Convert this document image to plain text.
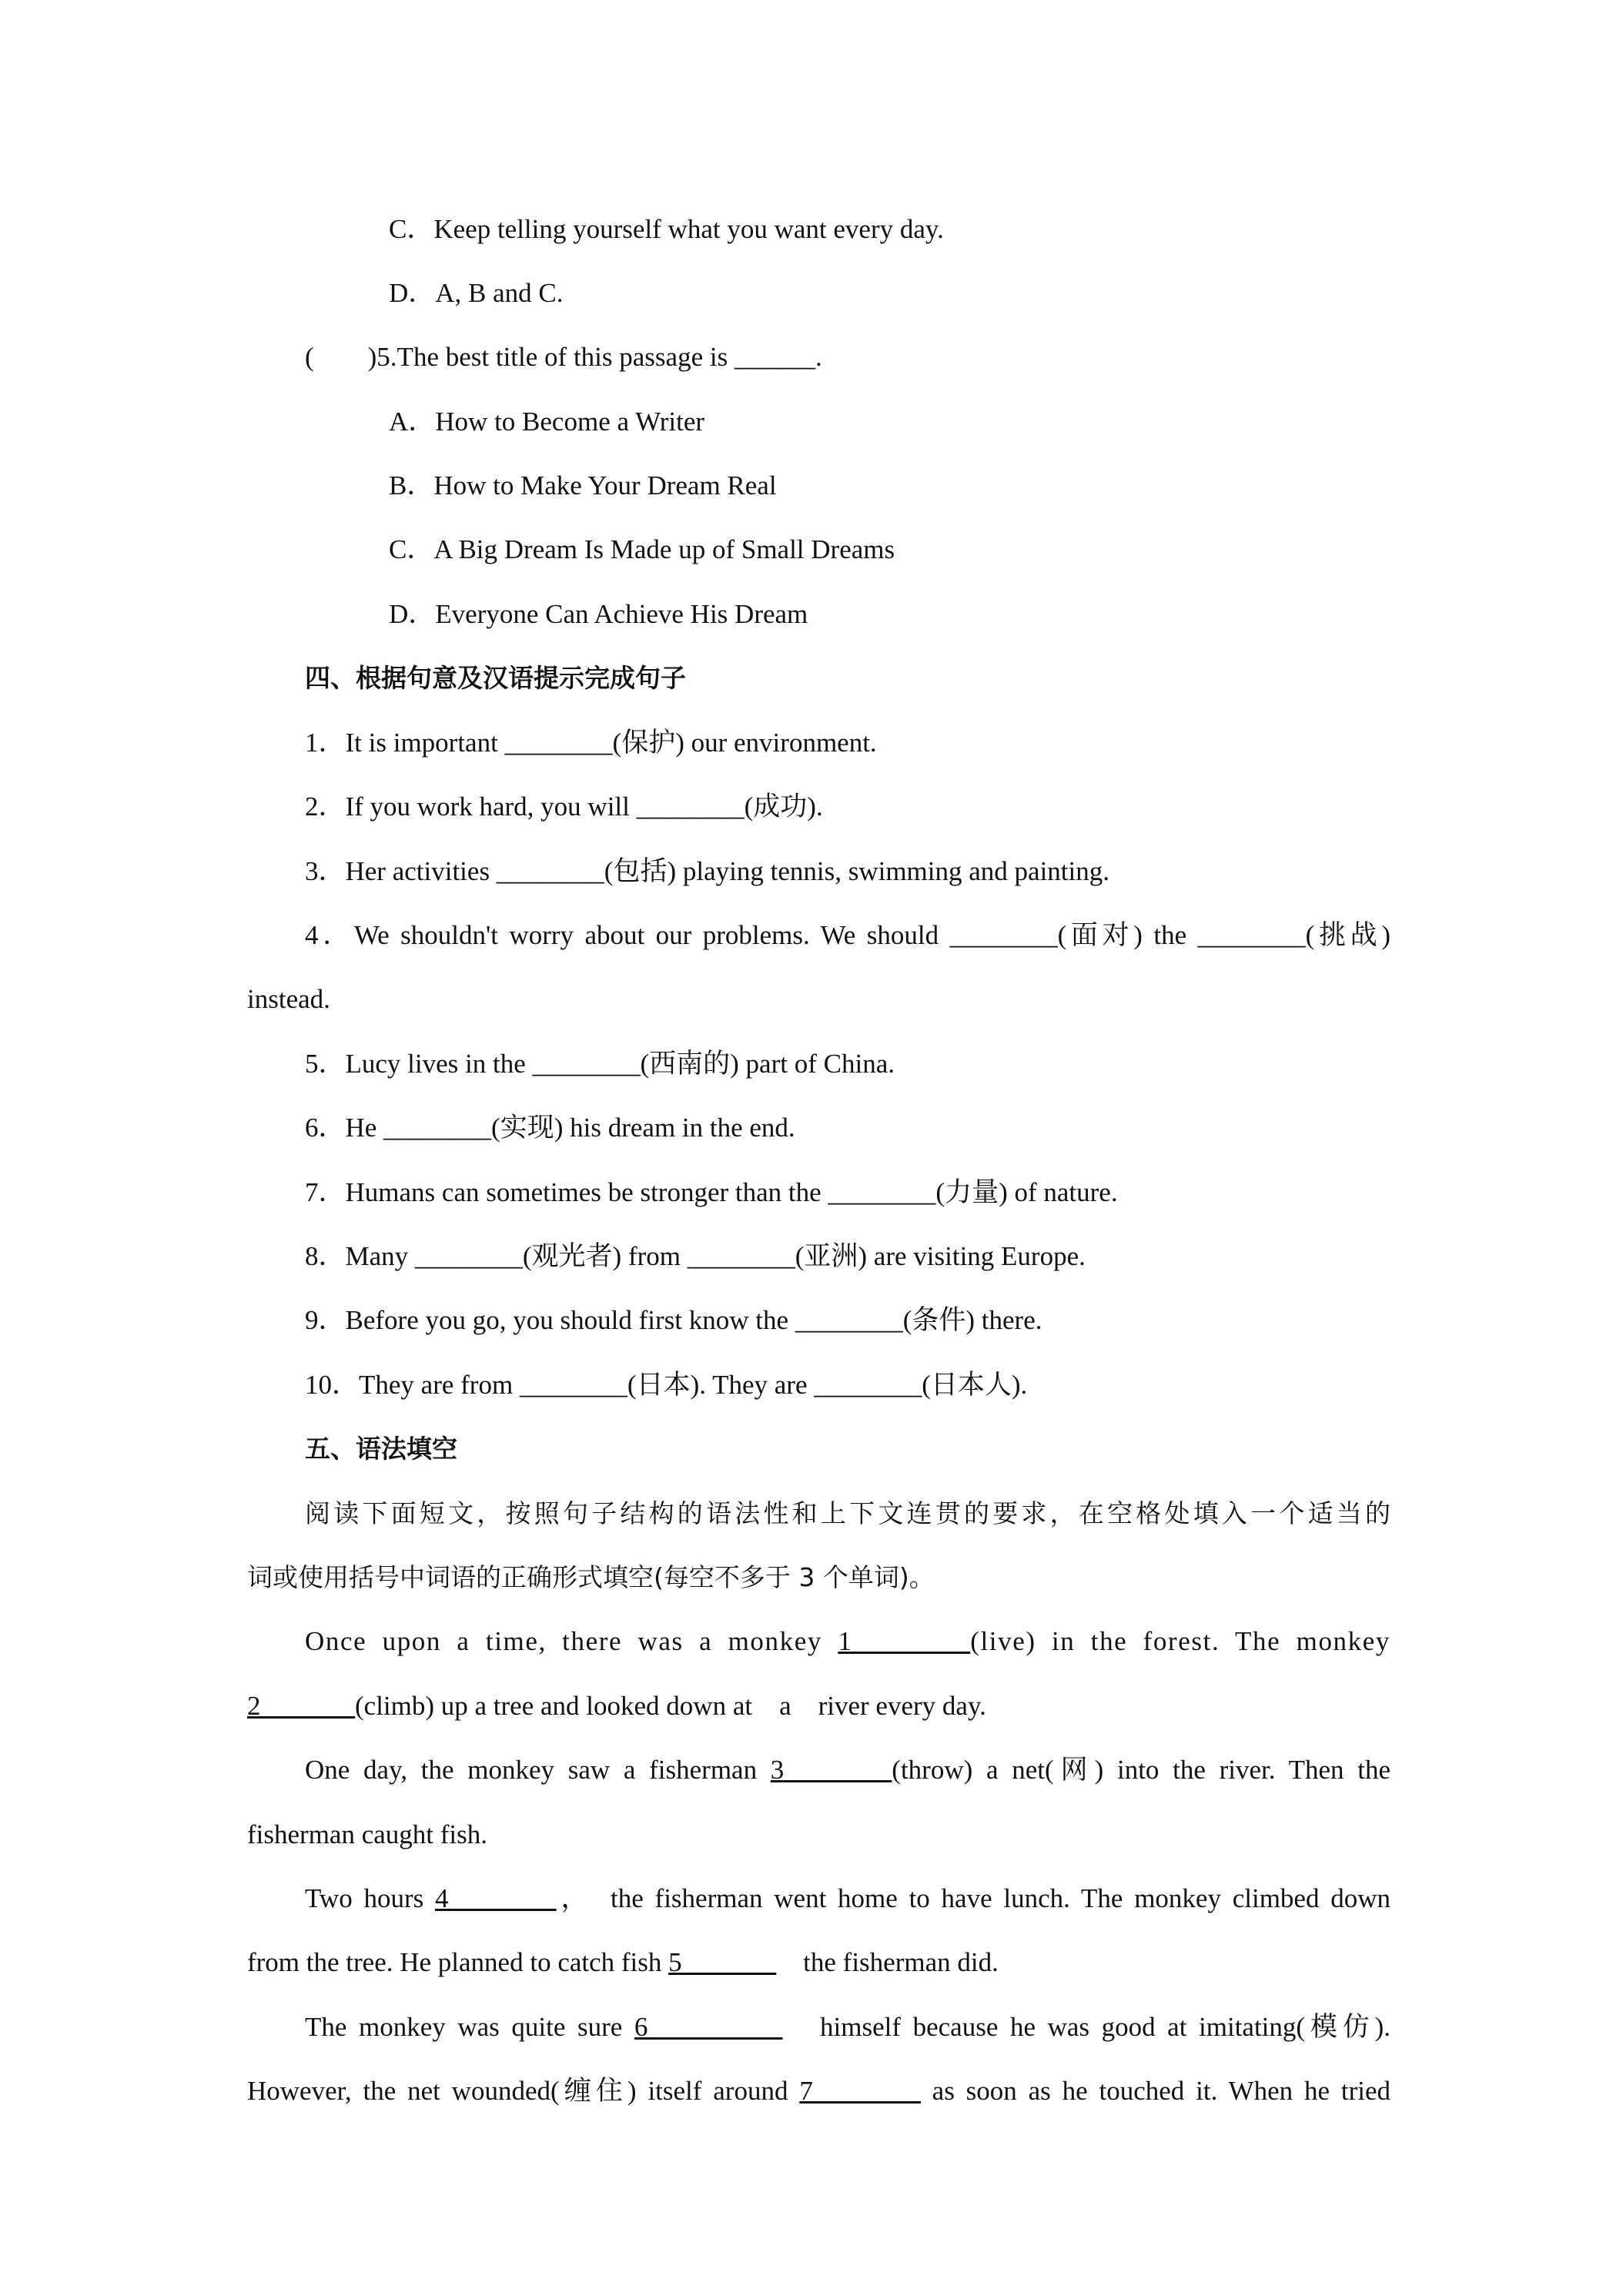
C．Keep telling yourself what you want every day.
D．A, B and C.
(　　)5.The best title of this passage is ______.
A．How to Become a Writer
B．How to Make Your Dream Real
C．A Big Dream Is Made up of Small Dreams
D．Everyone Can Achieve His Dream
四、根据句意及汉语提示完成句子
1．It is important ________(保护) our environment.
2．If you work hard, you will ________(成功).
3．Her activities ________(包括) playing tennis, swimming and painting.
4．We shouldn't worry about our problems. We should ________(面对) the ________(挑战)
instead.
5．Lucy lives in the ________(西南的) part of China.
6．He ________(实现) his dream in the end.
7．Humans can sometimes be stronger than the ________(力量) of nature.
8．Many ________(观光者) from ________(亚洲) are visiting Europe.
9．Before you go, you should first know the ________(条件) there.
10．They are from ________(日本). They are ________(日本人).
五、语法填空
阅读下面短文，按照句子结构的语法性和上下文连贯的要求，在空格处填入一个适当的
词或使用括号中词语的正确形式填空(每空不多于 3 个单词)。
Once upon a time, there was a monkey 1________(live) in the forest. The monkey
2_______(climb) up a tree and looked down at　a　river every day.
One day, the monkey saw a fisherman 3________(throw) a net(网) into the river. Then the
fisherman caught fish.
Two hours 4________，　the fisherman went home to have lunch. The monkey climbed down
from the tree. He planned to catch fish 5_______　the fisherman did.
The monkey was quite sure 6__________　himself because he was good at imitating(模仿).
However, the net wounded(缠住) itself around 7________ as soon as he touched it. When he tried
